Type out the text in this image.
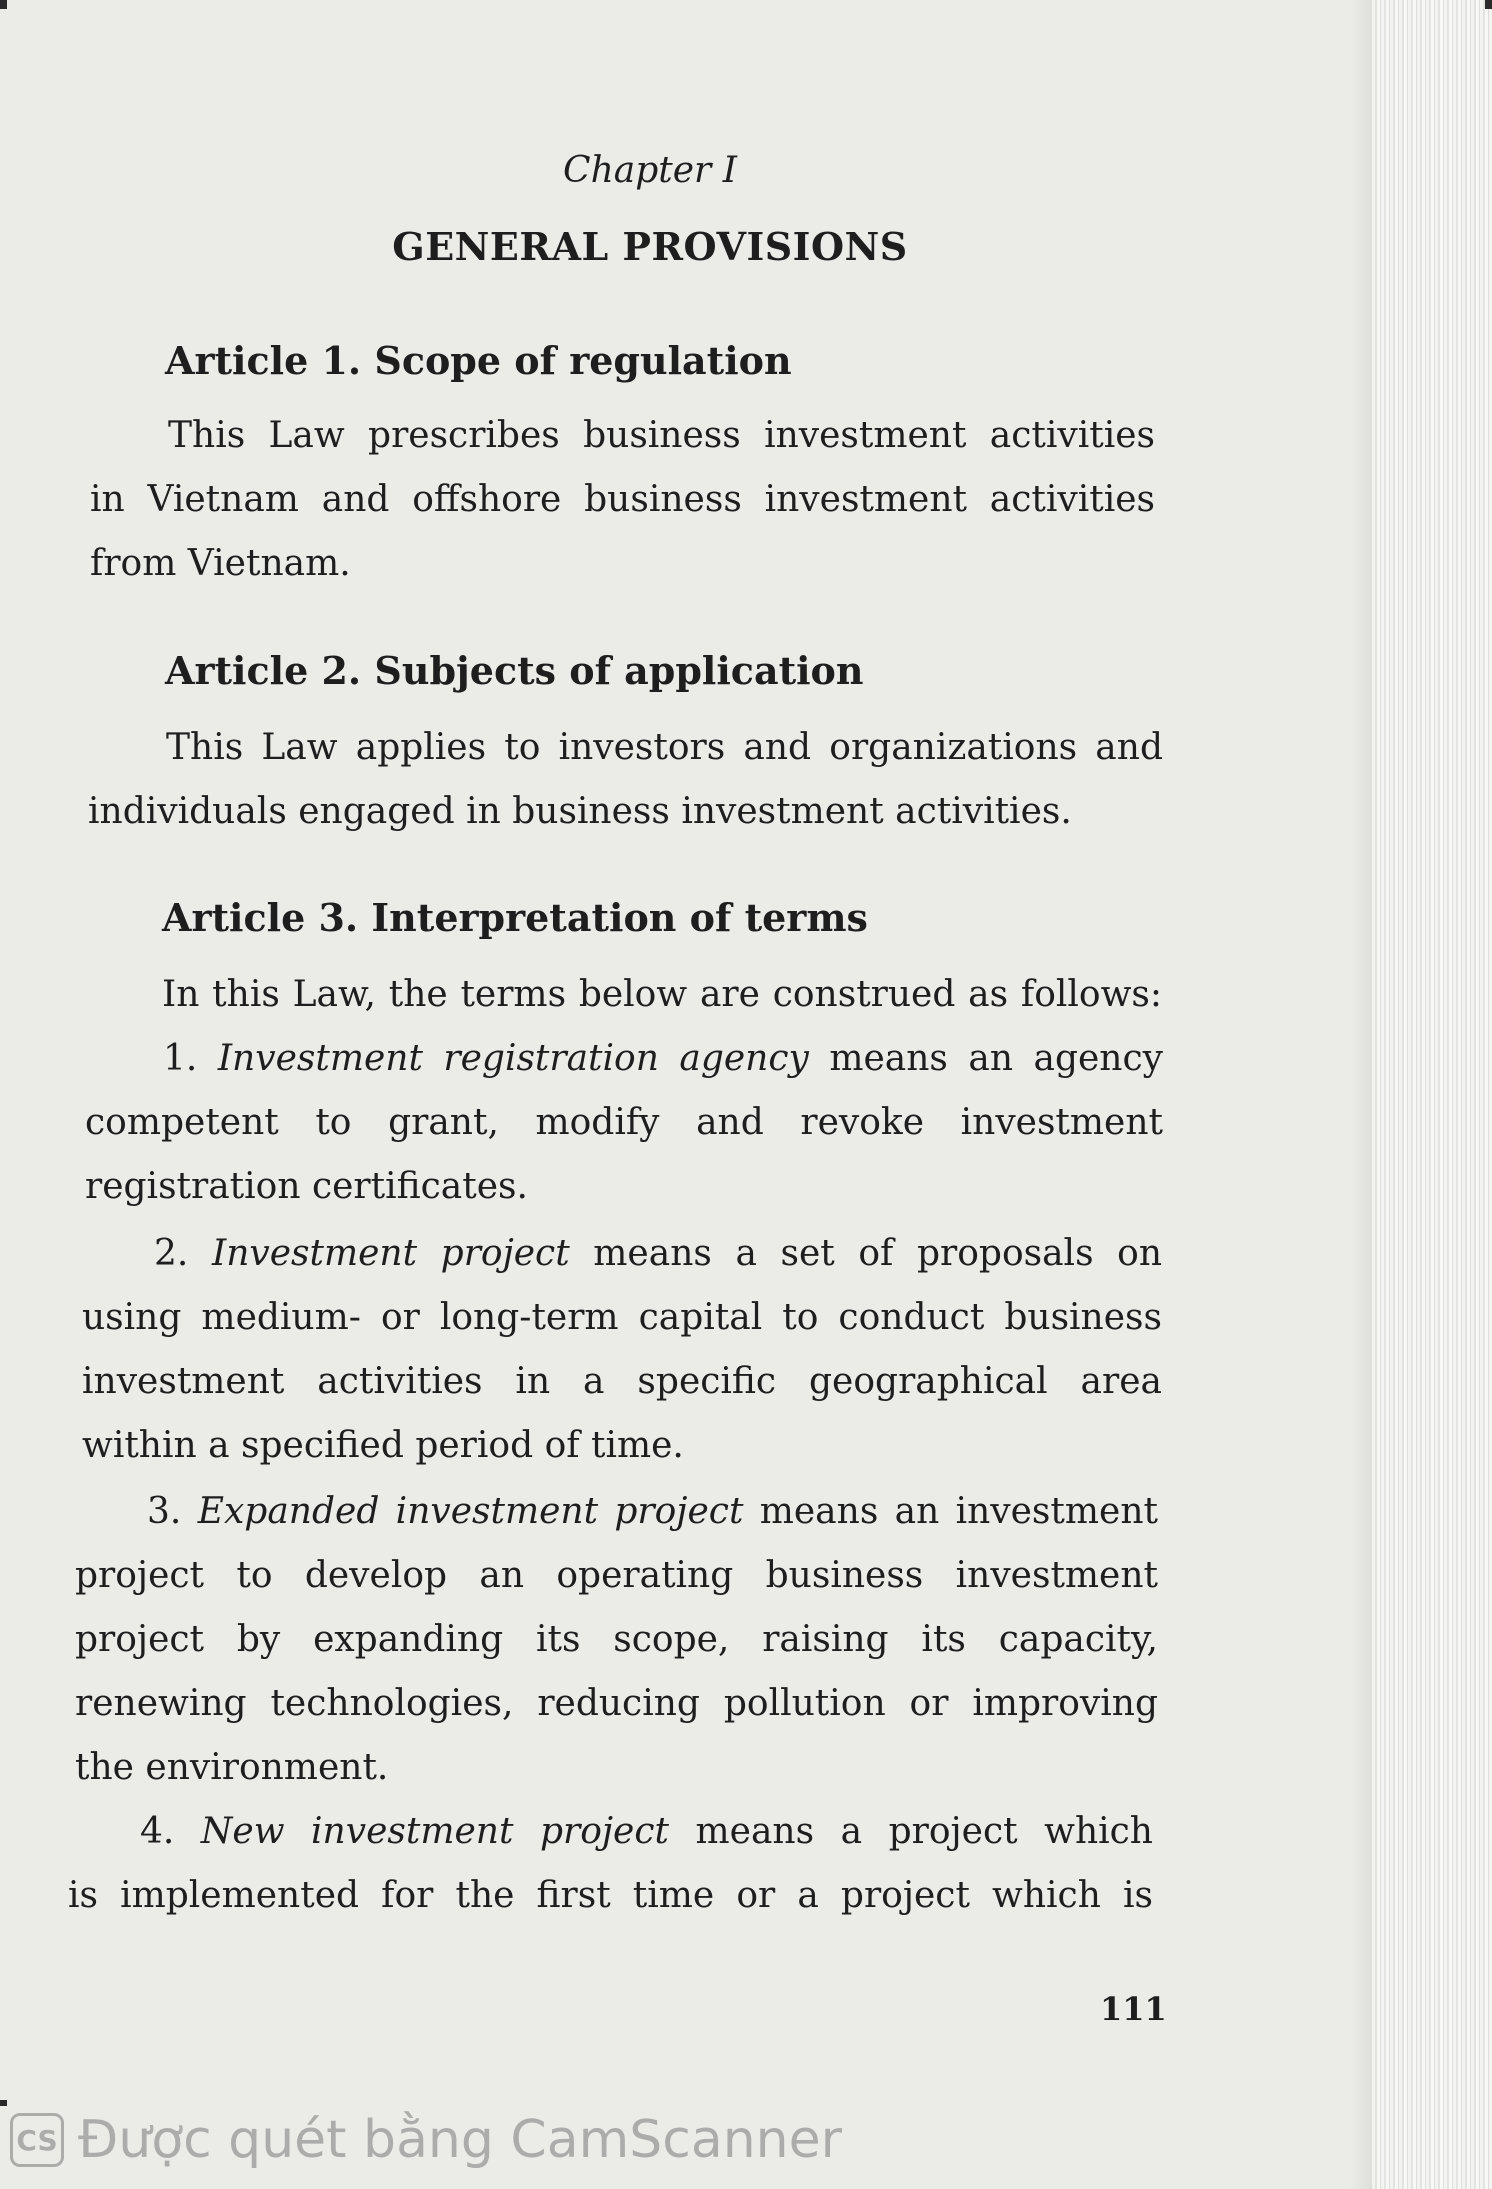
Chapter I
GENERAL PROVISIONS
Article 1. Scope of regulation
This Law prescribes business investment activities
in Vietnam and offshore business investment activities
from Vietnam.
Article 2. Subjects of application
This Law applies to investors and organizations and
individuals engaged in business investment activities.
Article 3. Interpretation of terms
In this Law, the terms below are construed as follows:
1. Investment registration agency means an agency
competent to grant, modify and revoke investment
registration certificates.
2. Investment project means a set of proposals on
using medium- or long-term capital to conduct business
investment activities in a specific geographical area
within a specified period of time.
3. Expanded investment project means an investment
project to develop an operating business investment
project by expanding its scope, raising its capacity,
renewing technologies, reducing pollution or improving
the environment.
4. New investment project means a project which
is implemented for the first time or a project which is
111
CS Được quét bằng CamScanner
